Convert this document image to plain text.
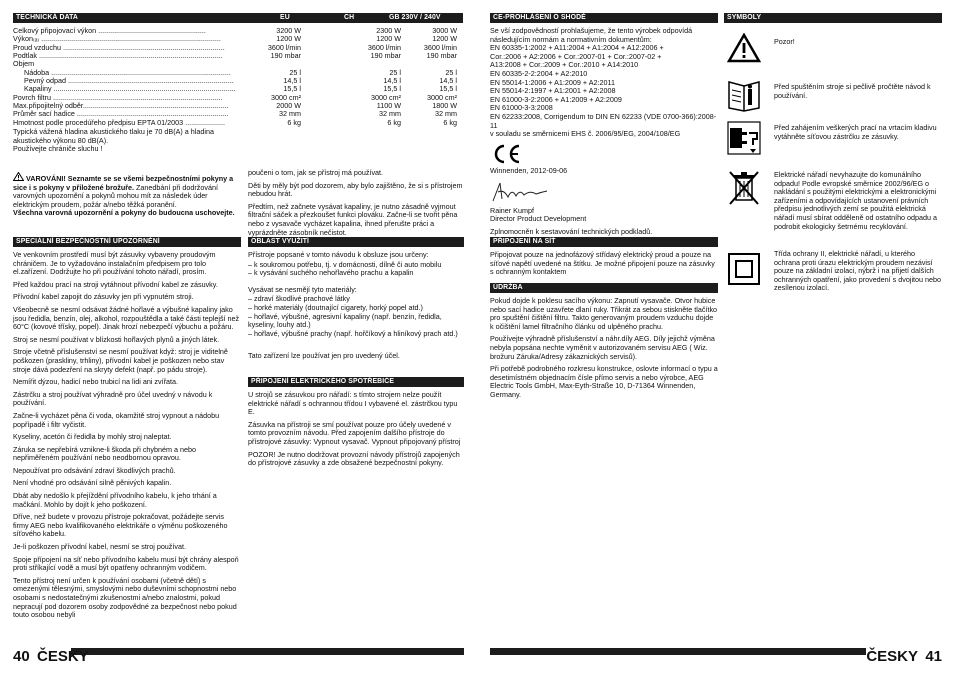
TECHNICKÁ DATA	EU	CH	GB 230V / 240V
Celkový připojovací výkon ......................................................	3200 W	2300 W	3000 W
Výkon₍ₐ₎ ..........................................................................................	1200 W	1200 W	1200 W
Proud vzduchu .................................................................................	3600 l/min	3600 l/min	3600 l/min
Podtlak ............................................................................................	190 mbar	190 mbar	190 mbar
Objem
Nádoba ..........................................................................................	25 l	25 l	25 l
Pevný odpad ...................................................................................	14,5 l	14,5 l	14,5 l
Kapaliny ...........................................................................................	15,5 l	15,5 l	15,5 l
Povrch filtru .....................................................................................	3000 cm²	3000 cm²	3000 cm²
Max.připojitelný odběr.........................................................................	2000 W	1100 W	1800 W
Průměr sací hadice ............................................................................	32 mm	32 mm	32 mm
Hmotnost podle procedúřeho předpisu EPTA 01/2003 ....................	6 kg	6 kg	6 kg
Typická vážená hladina akustického tlaku je 70 dB(A) a hladina akustického výkonu 80 dB(A).
Používejte chrániče sluchu !

VAROVÁNI! Seznamte se se všemi bezpečnostními pokyny a sice i s pokyny v přiložené brožuře. Zanedbání při dodržování varovných upozornění a pokynů mohou mít za následek úder elektrickým proudem, požár a/nebo těžká poranění.

Všechna varovná upozornění a pokyny do budoucna uschovejte.

SPECIÁLNÍ BEZPEČNOSTNÍ UPOZORNĚNÍ

Ve venkovním prostředí musí být zásuvky vybaveny proudovým chráničem. Je to vyžadováno instalačním předpisem pro tolo el.zařízení. Dodržujte ho při používání tohoto nářadí, prosím.

Před každou prací na stroji vytáhnout přívodní kabel ze zásuvky.

Přívodní kabel zapojit do zásuvky jen při vypnutém stroji.

Všeobecně se nesmí odsávat žádné hořlavé a výbušné kapaliny jako jsou ředidla, benzín, olej, alkohol, rozpouštědla a také části teplejší než 60°C (kovové třísky, popel). Jinak hrozí nebezpečí výbuchu a požáru.

Stroj se nesmí používat v blízkosti hořlavých plynů a jiných látek.

Stroje včetně příslušenství se nesmí používat když: stroj je viditelně poškozen (praskliny, trhliny), přívodní kabel je poškozen nebo stav stroje dává podezření na skryty defekt (např. po pádu stroje).

Nemířit dýzou, hadicí nebo trubicí na lidi ani zvířata.

Zástrčku a stroj používat výhradně pro účel uvedný v návodu k používání.

Začne-li vycházet pěna či voda, okamžitě stroj vypnout a nádobu popřípadě i filtr vyčistit.

Kyseliny, acetón či ředidla by mohly stroj naleptat.

Záruka se nepřebírá vznikne-li škoda při chybném a nebo nepřiměřeném používání nebo neodbornou opravou.

Nepoužívat pro odsávání zdraví škodlivých prachů.

Není vhodné pro odsávání silně pěnivých kapalin.

Dbát aby nedošlo k přejíždění přívodního kabelu, k jeho trhání a mačkání. Mohlo by dojít k jeho poškození.

Dříve, než budete v provozu přístroje pokračovat, požádejte servis firmy AEG nebo kvalifikovaného elektrikáře o výměnu poškozeného síťového kabelu.

Je-li poškozen přívodní kabel, nesmí se stroj používat.

Spoje přípojení na síť nebo přívodního kabelu musí být chrány alespoň proti stříkající vodě a musí být opatřeny ochranným vodičem.

Tento přístroj není určen k používání osobami (včetně dětí) s omezenými tělesnými, smyslovými nebo duševními schopnostmi nebo osobami s nedostatečnými zkušenostmi a/nebo znalostmi, pokud nepracují pod dozorem osoby zodpovědné za bezpečnost nebo pokud touto osobou nebyli

poučeni o tom, jak se přístroj má používat.

Děti by měly být pod dozorem, aby bylo zajištěno, že si s přístrojem nebudou hrát.

Předtím, než začnete vysávat kapaliny, je nutno zásadně vyjmout filtrační sáček a přezkoušet funkci plováku. Začne-li se tvořit pěna nebo z vysavače vycházet kapalina, ihned přerušte práci a vyprázdněte zásobník nečistot.

OBLAST VYUŽITÍ

Přístroje popsané v tomto návodu k obsluze jsou určeny:

– k soukromou potřebu, tj. v domácnosti, dílně či auto mobilu
– k vysávání suchého nehořlavého prachu a kapalin

Vysávat se nesmějí tyto materiály:

– zdraví škodlivé prachové látky
– horké materiály (doutnající cigarety, horký popel atd.)
– hořlavé, výbušné, agresivní kapaliny (např. benzín, ředidla, kyseliny, louhy atd.)
– hořlavé, výbušné prachy (např. hořčíkový a hliníkový prach atd.)

Tato zařízení lze používat jen pro uvedený účel.

PŘIPOJENÍ ELEKTRICKÉHO SPOTŘEBIČE

U strojů se zásuvkou pro nářadí: s tímto strojem nelze použít elektrické nářadí s ochrannou třídou I vybavené el. zástrčkou typu E.

Zásuvka na přístroji se smí používat pouze pro účely uvedené v tomto provozním návodu. Před zapojením dalšího přístroje do přístrojové zásuvky: Vypnout vysavač. Vypnout připojovaný přístroj

POZOR! Je nutno dodržovat provozní návody přístrojů zapojených do přístrojové zásuvky a zde obsažené bezpečnostní pokyny.

40 ČESKY
CE-PROHLÁŠENÍ O SHODĚ

Se vší zodpovědností prohlašujeme, že tento výrobek odpovídá následujícím normám a normativním dokumentům:

EN 60335-1:2002 + A11:2004 + A1:2004 + A12:2006 +
Cor.:2006 + A2:2006 + Cor.:2007-01 + Cor.:2007-02 +
A13:2008 + Cor.:2009 + Cor.:2010 + A14:2010
EN 60335-2-2:2004 + A2:2010
EN 55014-1:2006 + A1:2009 + A2:2011
EN 55014-2:1997 + A1:2001 + A2:2008
EN 61000-3-2:2006 + A1:2009 + A2:2009
EN 61000-3-3:2008
EN 62233:2008, Corrigendum to DIN EN 62233 (VDE 0700-366):2008-11
v souladu se směrnicemi EHS č. 2006/95/EG, 2004/108/EG
Winnenden, 2012-09-06
Rainer Kumpf
Director Product Development
Zplnomocněn k sestavování technických podkladů.
PŘIPOJENÍ NA SÍŤ
Připojovat pouze na jednofázový střídavý elektrický proud a pouze na síťové napětí uvedené na štítku. Je možné připojení pouze na zásuvky s ochranným kontaktem
ÚDRŽBA

Pokud dojde k poklesu sacího výkonu: Zapnutí vysavače. Otvor hubice nebo sací hadice uzavřete dlaní ruky. Třikrát za sebou stiskněte tlačítko pro spuštění čištění filtru. Takto generovaným proudem vzduchu dojde k očištění lamel filtračního článku od ulpěného prachu.

Používejte výhradně příslušenství a náhr.díly AEG. Díly jejichž výměna nebyla popsána nechte vyměnit v autorizovaném servisu AEG ( Wiz. brožuru Záruka/Adresy zákaznických servisů).

Při potřebě podrobného rozkresu konstrukce, oslovte informací o typu a desetimístném objednacím čísle přímo servis a nebo výrobce, AEG Electric Tools GmbH, Max-Eyth-Straße 10, D-71364 Winnenden, Germany.

SYMBOLY
Pozor!
Před spuštěním stroje si pečlivě pročtěte návod k používání.
Před zahájením veškerých prací na vrtacím kladivu vytáhněte síťovou zástrčku ze zásuvky.
Elektrické nářadí nevyhazujte do komunálního odpadu! Podle evropské směrnice 2002/96/EG o nakládání s použitými elektrickými a elektronickými zařízeními a odpovídajících ustanovení právních předpisu jednotlivých zemí se použitá elektrická nářadí musí sbírat odděleně od ostatního odpadu a podrobit ekologicky šetrnému recyklování.
Třída ochrany II, elektrické nářadí, u kterého ochrana proti úrazu elektrickým proudem nezávisí pouze na základní izolaci, nýbrž i na přijetí dalších ochranných opatření, jako provedení s dvojitou nebo zesílenou izolací.
ČESKY 41
